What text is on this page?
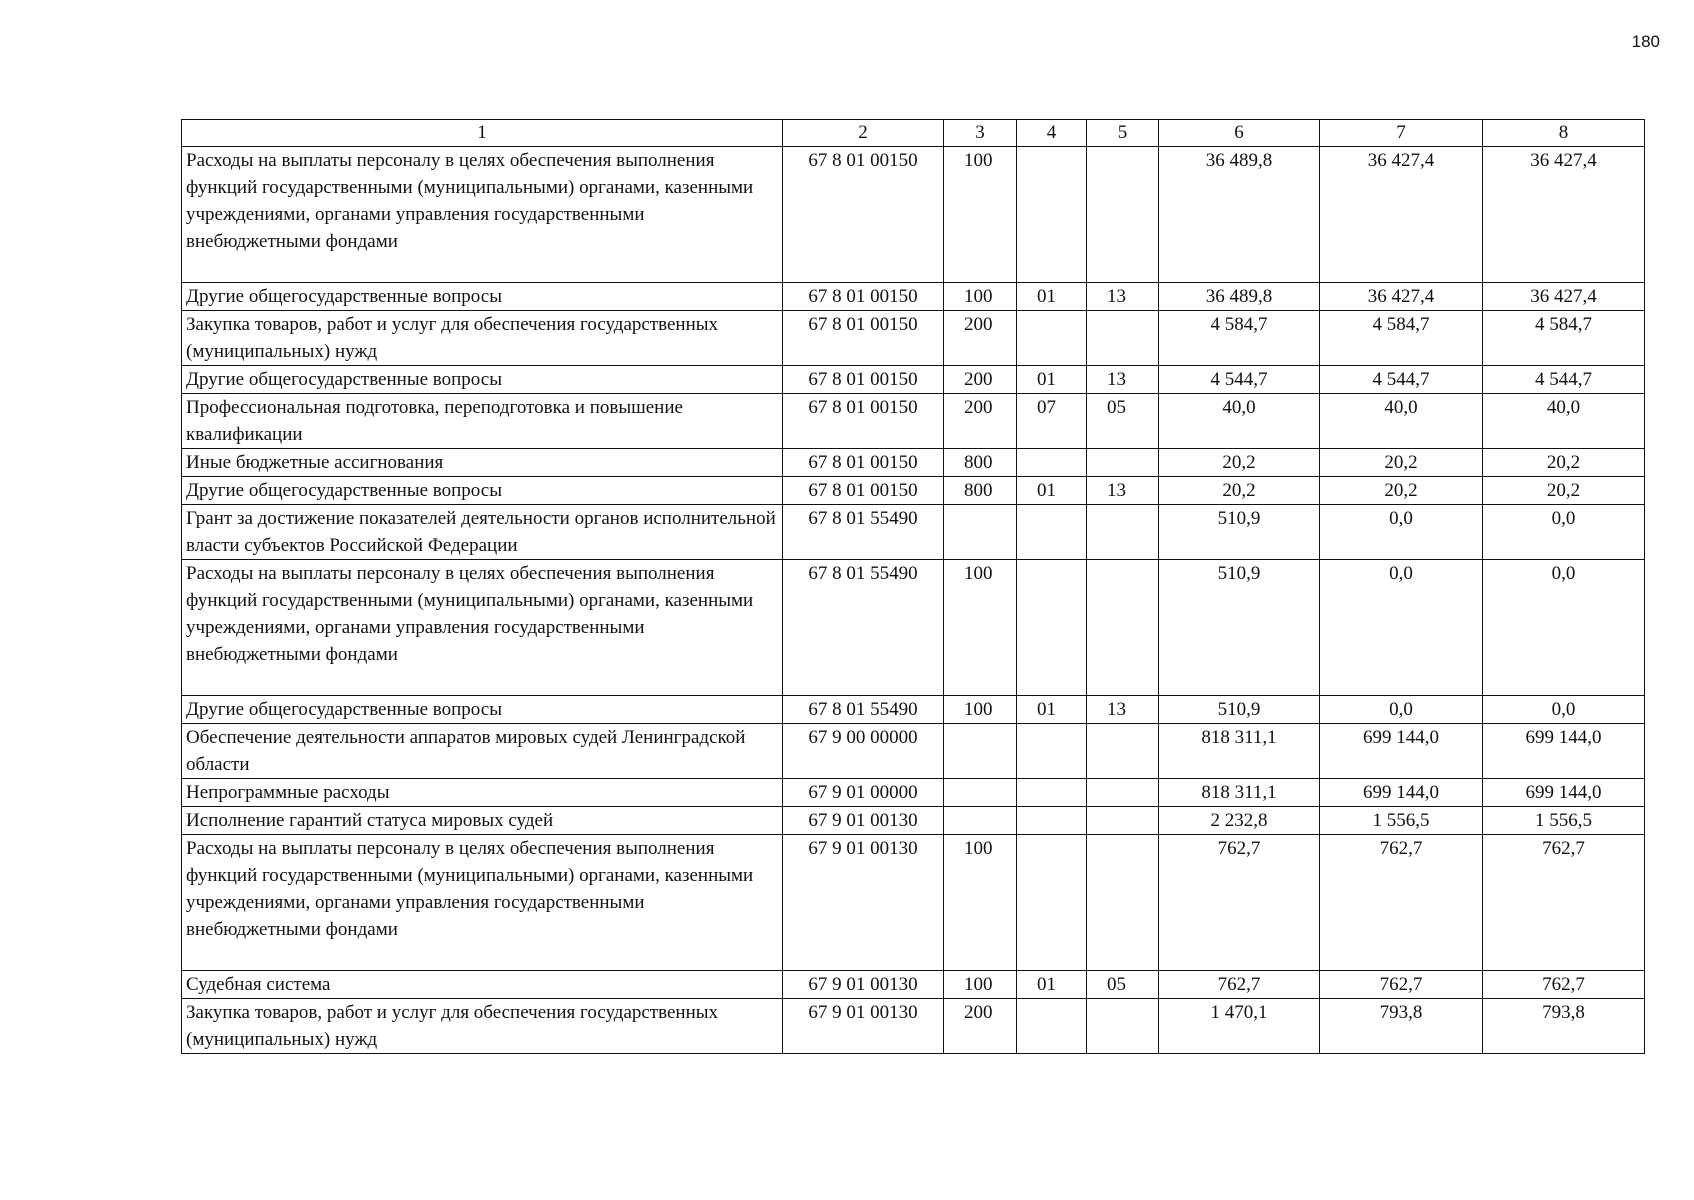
180
1	2	3	4	5	6	7	8
Расходы на выплаты персоналу в целях обеспечения выполнения функций государственными (муниципальными) органами, казенными учреждениями, органами управления государственными внебюджетными фондами	67 8 01 00150	100			36 489,8	36 427,4	36 427,4
Другие общегосударственные вопросы	67 8 01 00150	100	01	13	36 489,8	36 427,4	36 427,4
Закупка товаров, работ и услуг для обеспечения государственных (муниципальных) нужд	67 8 01 00150	200			4 584,7	4 584,7	4 584,7
Другие общегосударственные вопросы	67 8 01 00150	200	01	13	4 544,7	4 544,7	4 544,7
Профессиональная подготовка, переподготовка и повышение квалификации	67 8 01 00150	200	07	05	40,0	40,0	40,0
Иные бюджетные ассигнования	67 8 01 00150	800			20,2	20,2	20,2
Другие общегосударственные вопросы	67 8 01 00150	800	01	13	20,2	20,2	20,2
Грант за достижение показателей деятельности органов исполнительной власти субъектов Российской Федерации	67 8 01 55490				510,9	0,0	0,0
Расходы на выплаты персоналу в целях обеспечения выполнения функций государственными (муниципальными) органами, казенными учреждениями, органами управления государственными внебюджетными фондами	67 8 01 55490	100			510,9	0,0	0,0
Другие общегосударственные вопросы	67 8 01 55490	100	01	13	510,9	0,0	0,0
Обеспечение деятельности аппаратов мировых судей Ленинградской области	67 9 00 00000				818 311,1	699 144,0	699 144,0
Непрограммные расходы	67 9 01 00000				818 311,1	699 144,0	699 144,0
Исполнение гарантий статуса мировых судей	67 9 01 00130				2 232,8	1 556,5	1 556,5
Расходы на выплаты персоналу в целях обеспечения выполнения функций государственными (муниципальными) органами, казенными учреждениями, органами управления государственными внебюджетными фондами	67 9 01 00130	100			762,7	762,7	762,7
Судебная система	67 9 01 00130	100	01	05	762,7	762,7	762,7
Закупка товаров, работ и услуг для обеспечения государственных (муниципальных) нужд	67 9 01 00130	200			1 470,1	793,8	793,8
